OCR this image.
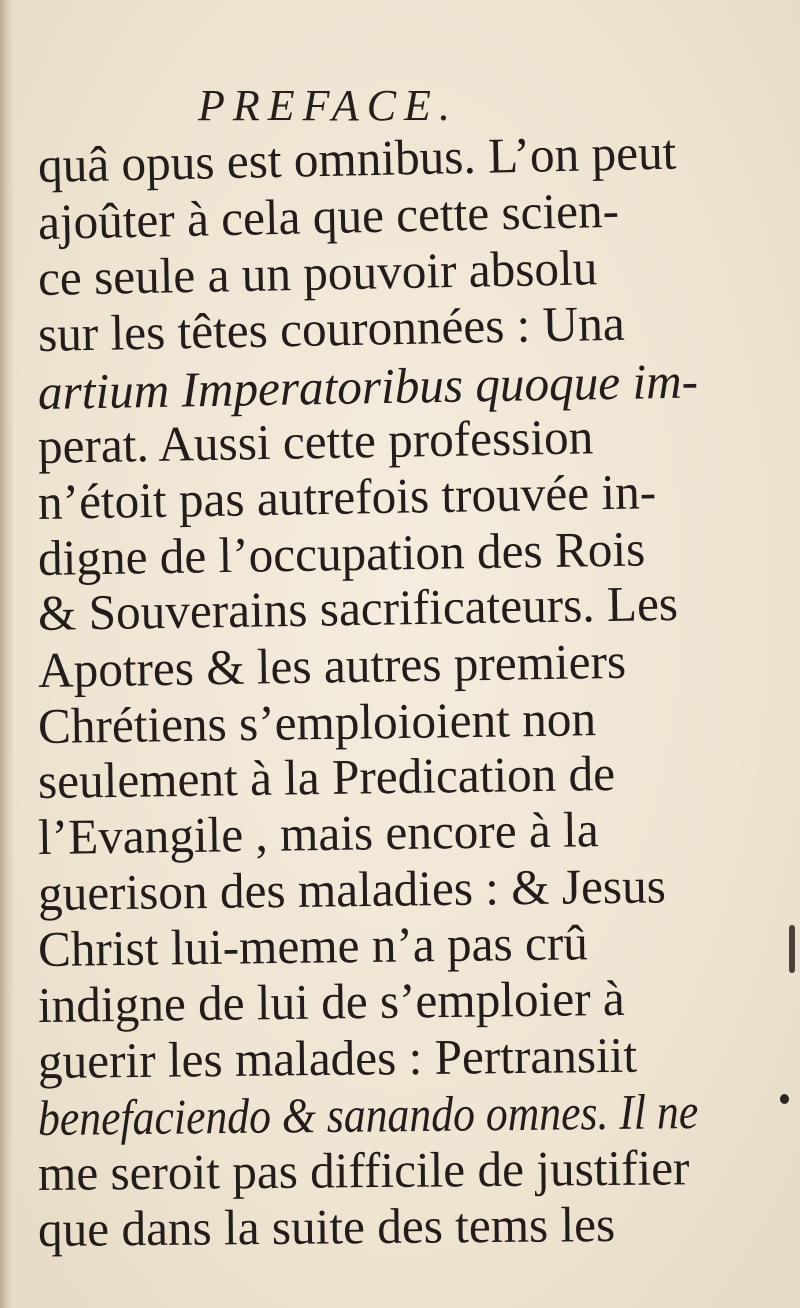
PREFACE.
quâ opus est omnibus. L’on peut
ajoûter à cela que cette scien-
ce seule a un pouvoir absolu
sur les têtes couronnées : Una
artium Imperatoribus quoque im-
perat. Aussi cette profession
n’étoit pas autrefois trouvée in-
digne de l’occupation des Rois
& Souverains sacrificateurs. Les
Apotres & les autres premiers
Chrétiens s’emploioient non
seulement à la Predication de
l’Evangile , mais encore à la
guerison des maladies : & Jesus
Christ lui-meme n’a pas crû
indigne de lui de s’emploier à
guerir les malades : Pertransiit
benefaciendo & sanando omnes. Il ne
me seroit pas difficile de justifier
que dans la suite des tems les
